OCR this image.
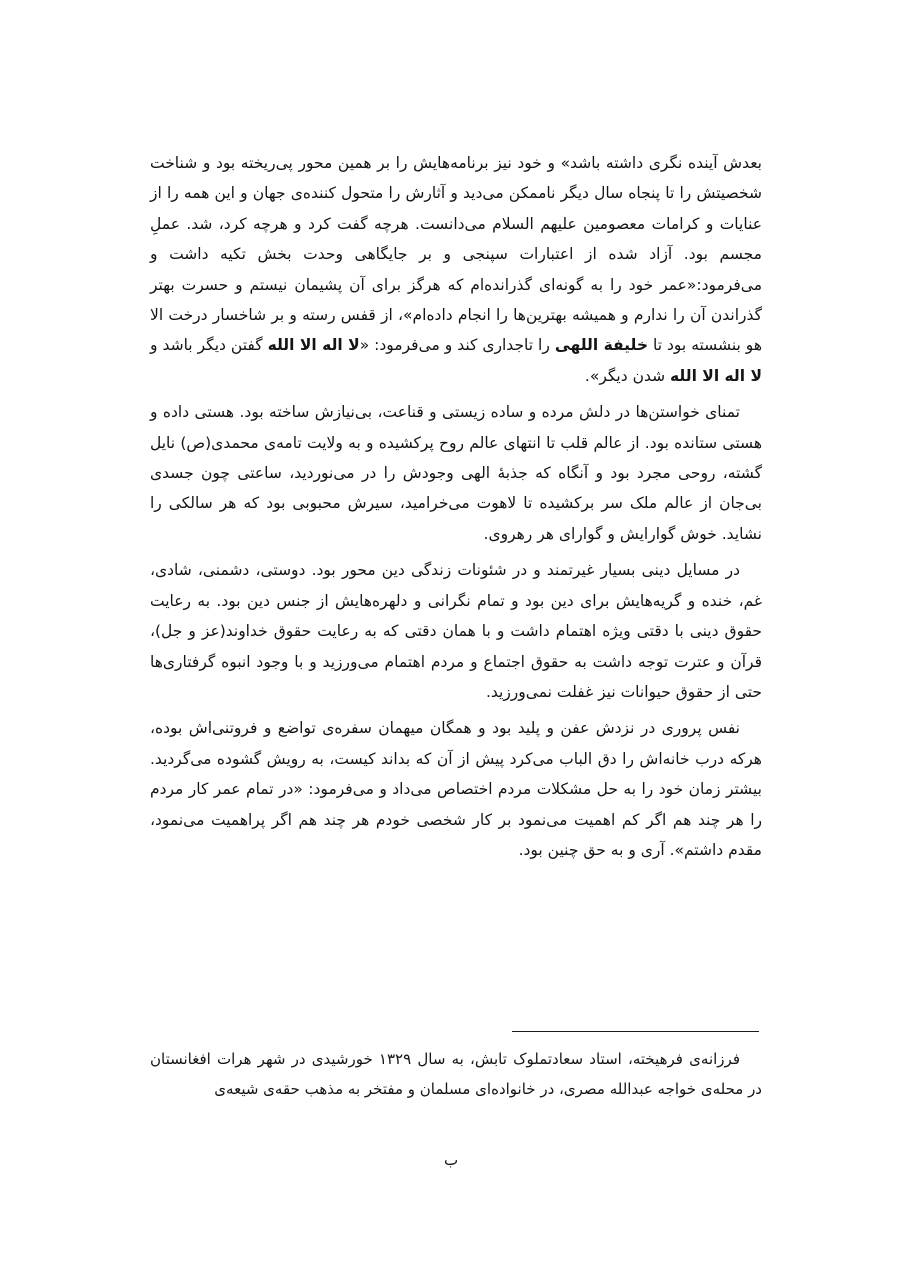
بعدش آینده نگری داشته باشد» و خود نیز برنامه‌هایش را بر همین محور پی‌ریخته بود و شناخت شخصیتش را تا پنجاه سال دیگر ناممکن می‌دید و آثارش را متحول کننده‌ی جهان و این همه را از عنایات و کرامات معصومین علیهم السلام می‌دانست. هرچه گفت کرد و هرچه کرد، شد. عملِ مجسم بود. آزاد شده از اعتبارات سپنجی و بر جایگاهی وحدت بخش تکیه داشت و می‌فرمود:«عمر خود را به گونه‌ای گذرانده‌ام که هرگز برای آن پشیمان نیستم و حسرت بهتر گذراندن آن را ندارم و همیشه بهترین‌ها را انجام داده‌ام»، از قفس رسته و بر شاخسار درخت الا هو بنشسته بود تا خلیفة اللهی را تاجداری کند و می‌فرمود: «لا اله الا الله گفتن دیگر باشد و لا اله الا الله شدن دیگر».

تمنای خواستن‌ها در دلش مرده و ساده زیستی و قناعت، بی‌نیازش ساخته بود. هستی داده و هستی ستانده بود. از عالم قلب تا انتهای عالم روح پرکشیده و به ولایت تامه‌ی محمدی(ص) نایل گشته، روحی مجرد بود و آنگاه که جذبهٔ الهی وجودش را در می‌نوردید، ساعتی چون جسدی بی‌جان از عالم ملک سر برکشیده تا لاهوت می‌خرامید، سیرش محبوبی بود که هر سالکی را نشاید. خوش گوارایش و گوارای هر رهروی.

در مسایل دینی بسیار غیرتمند و در شئونات زندگی دین محور بود. دوستی، دشمنی، شادی، غم، خنده و گریه‌هایش برای دین بود و تمام نگرانی و دلهره‌هایش از جنس دین بود. به رعایت حقوق دینی با دقتی ویژه اهتمام داشت و با همان دقتی که به رعایت حقوق خداوند(عز و جل)، قرآن و عترت توجه داشت به حقوق اجتماع و مردم اهتمام می‌ورزید و با وجود انبوه گرفتاری‌ها حتی از حقوق حیوانات نیز غفلت نمی‌ورزید.

نفس پروری در نزدش عفن و پلید بود و همگان میهمان سفره‌ی تواضع و فروتنی‌اش بوده، هرکه درب خانه‌اش را دق الباب می‌کرد پیش از آن که بداند کیست، به رویش گشوده می‌گردید. بیشتر زمان خود را به حل مشکلات مردم اختصاص می‌داد و می‌فرمود: «در تمام عمر کار مردم را هر چند هم اگر کم اهمیت می‌نمود بر کار شخصی خودم هر چند هم اگر پراهمیت می‌نمود، مقدم داشتم». آری و به حق چنین بود.

فرزانه‌ی فرهیخته، استاد سعادتملوک تابش، به سال ۱۳۲۹ خورشیدی در شهر هرات افغانستان در محله‌ی خواجه عبدالله مصری، در خانواده‌ای مسلمان و مفتخر به مذهب حقه‌ی شیعه‌ی
ب
